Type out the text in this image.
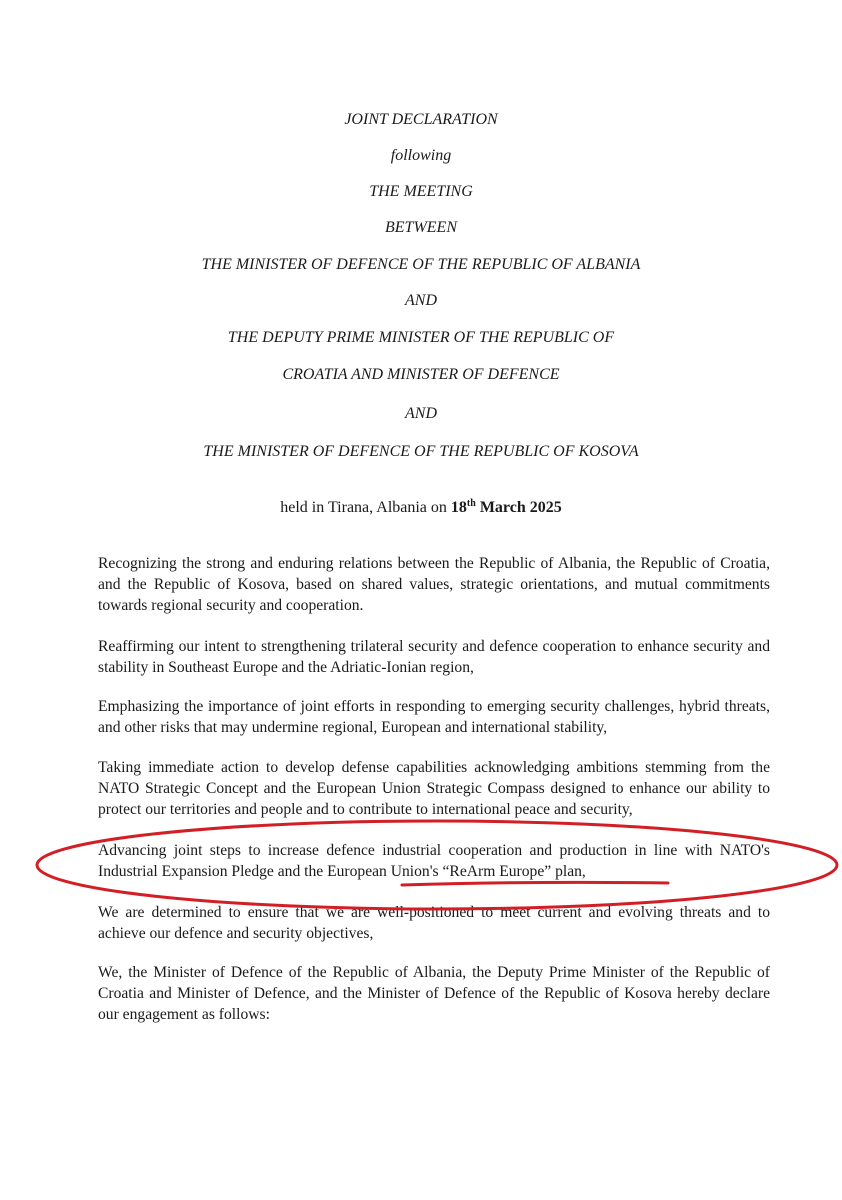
JOINT DECLARATION

following

THE MEETING

BETWEEN

THE MINISTER OF DEFENCE OF THE REPUBLIC OF ALBANIA

AND

THE DEPUTY PRIME MINISTER OF THE REPUBLIC OF

CROATIA AND MINISTER OF DEFENCE

AND

THE MINISTER OF DEFENCE OF THE REPUBLIC OF KOSOVA

held in Tirana, Albania on 18th March 2025

Recognizing the strong and enduring relations between the Republic of Albania, the Republic of Croatia, and the Republic of Kosova, based on shared values, strategic orientations, and mutual commitments towards regional security and cooperation.

Reaffirming our intent to strengthening trilateral security and defence cooperation to enhance security and stability in Southeast Europe and the Adriatic-Ionian region,

Emphasizing the importance of joint efforts in responding to emerging security challenges, hybrid threats, and other risks that may undermine regional, European and international stability,

Taking immediate action to develop defense capabilities acknowledging ambitions stemming from the NATO Strategic Concept and the European Union Strategic Compass designed to enhance our ability to protect our territories and people and to contribute to international peace and security,

Advancing joint steps to increase defence industrial cooperation and production in line with NATO's Industrial Expansion Pledge and the European Union's “ReArm Europe” plan,

We are determined to ensure that we are well-positioned to meet current and evolving threats and to achieve our defence and security objectives,

We, the Minister of Defence of the Republic of Albania, the Deputy Prime Minister of the Republic of Croatia and Minister of Defence, and the Minister of Defence of the Republic of Kosova hereby declare our engagement as follows:
